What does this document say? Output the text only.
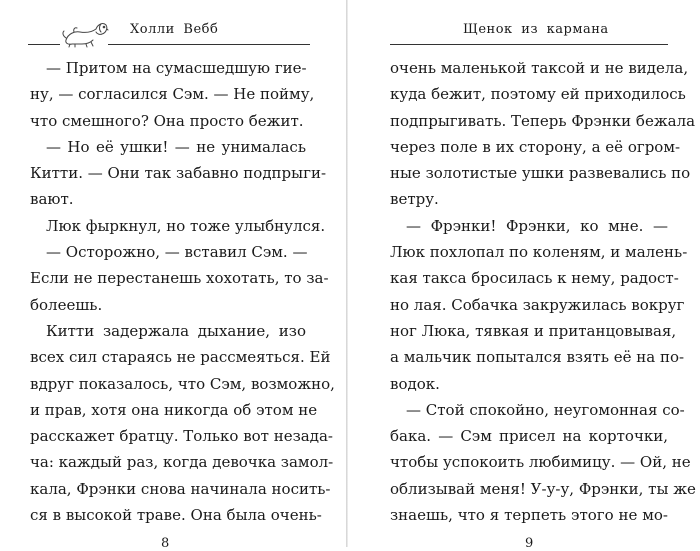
Холли Вебб
— Притом на сумасшедшую гие-
ну, — согласился Сэм. — Не пойму,
что смешного? Она просто бежит.
— Но её ушки! — не унималась
Китти. — Они так забавно подпрыги-
вают.
Люк фыркнул, но тоже улыбнулся.
— Осторожно, — вставил Сэм. —
Если не перестанешь хохотать, то за-
болеешь.
Китти задержала дыхание, изо
всех сил стараясь не рассмеяться. Ей
вдруг показалось, что Сэм, возможно,
и прав, хотя она никогда об этом не
расскажет братцу. Только вот незада-
ча: каждый раз, когда девочка замол-
кала, Фрэнки снова начинала носить-
ся в высокой траве. Она была очень-
8
Щенок из кармана
очень маленькой таксой и не видела,
куда бежит, поэтому ей приходилось
подпрыгивать. Теперь Фрэнки бежала
через поле в их сторону, а её огром-
ные золотистые ушки развевались по
ветру.
— Фрэнки! Фрэнки, ко мне. —
Люк похлопал по коленям, и малень-
кая такса бросилась к нему, радост-
но лая. Собачка закружилась вокруг
ног Люка, тявкая и пританцовывая,
а мальчик попытался взять её на по-
водок.
— Стой спокойно, неугомонная со-
бака. — Сэм присел на корточки,
чтобы успокоить любимицу. — Ой, не
облизывай меня! У-у-у, Фрэнки, ты же
знаешь, что я терпеть этого не мо-
9
